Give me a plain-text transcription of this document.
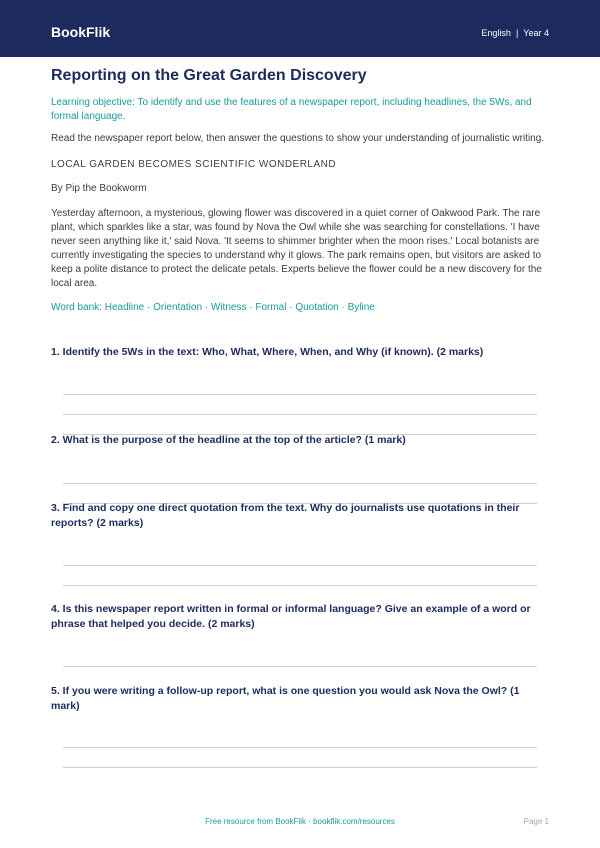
BookFlik	English | Year 4
Reporting on the Great Garden Discovery

Learning objective: To identify and use the features of a newspaper report, including headlines, the 5Ws, and formal language.

Read the newspaper report below, then answer the questions to show your understanding of journalistic writing.

LOCAL GARDEN BECOMES SCIENTIFIC WONDERLAND

By Pip the Bookworm

Yesterday afternoon, a mysterious, glowing flower was discovered in a quiet corner of Oakwood Park. The rare plant, which sparkles like a star, was found by Nova the Owl while she was searching for constellations. 'I have never seen anything like it,' said Nova. 'It seems to shimmer brighter when the moon rises.' Local botanists are currently investigating the species to understand why it glows. The park remains open, but visitors are asked to keep a polite distance to protect the delicate petals. Experts believe the flower could be a new discovery for the local area.

Word bank: Headline · Orientation · Witness · Formal · Quotation · Byline

1. Identify the 5Ws in the text: Who, What, Where, When, and Why (if known). (2 marks)
2. What is the purpose of the headline at the top of the article? (1 mark)
3. Find and copy one direct quotation from the text. Why do journalists use quotations in their reports? (2 marks)
4. Is this newspaper report written in formal or informal language? Give an example of a word or phrase that helped you decide. (2 marks)
5. If you were writing a follow-up report, what is one question you would ask Nova the Owl? (1 mark)
Free resource from BookFlik · bookflik.com/resources	Page 1
